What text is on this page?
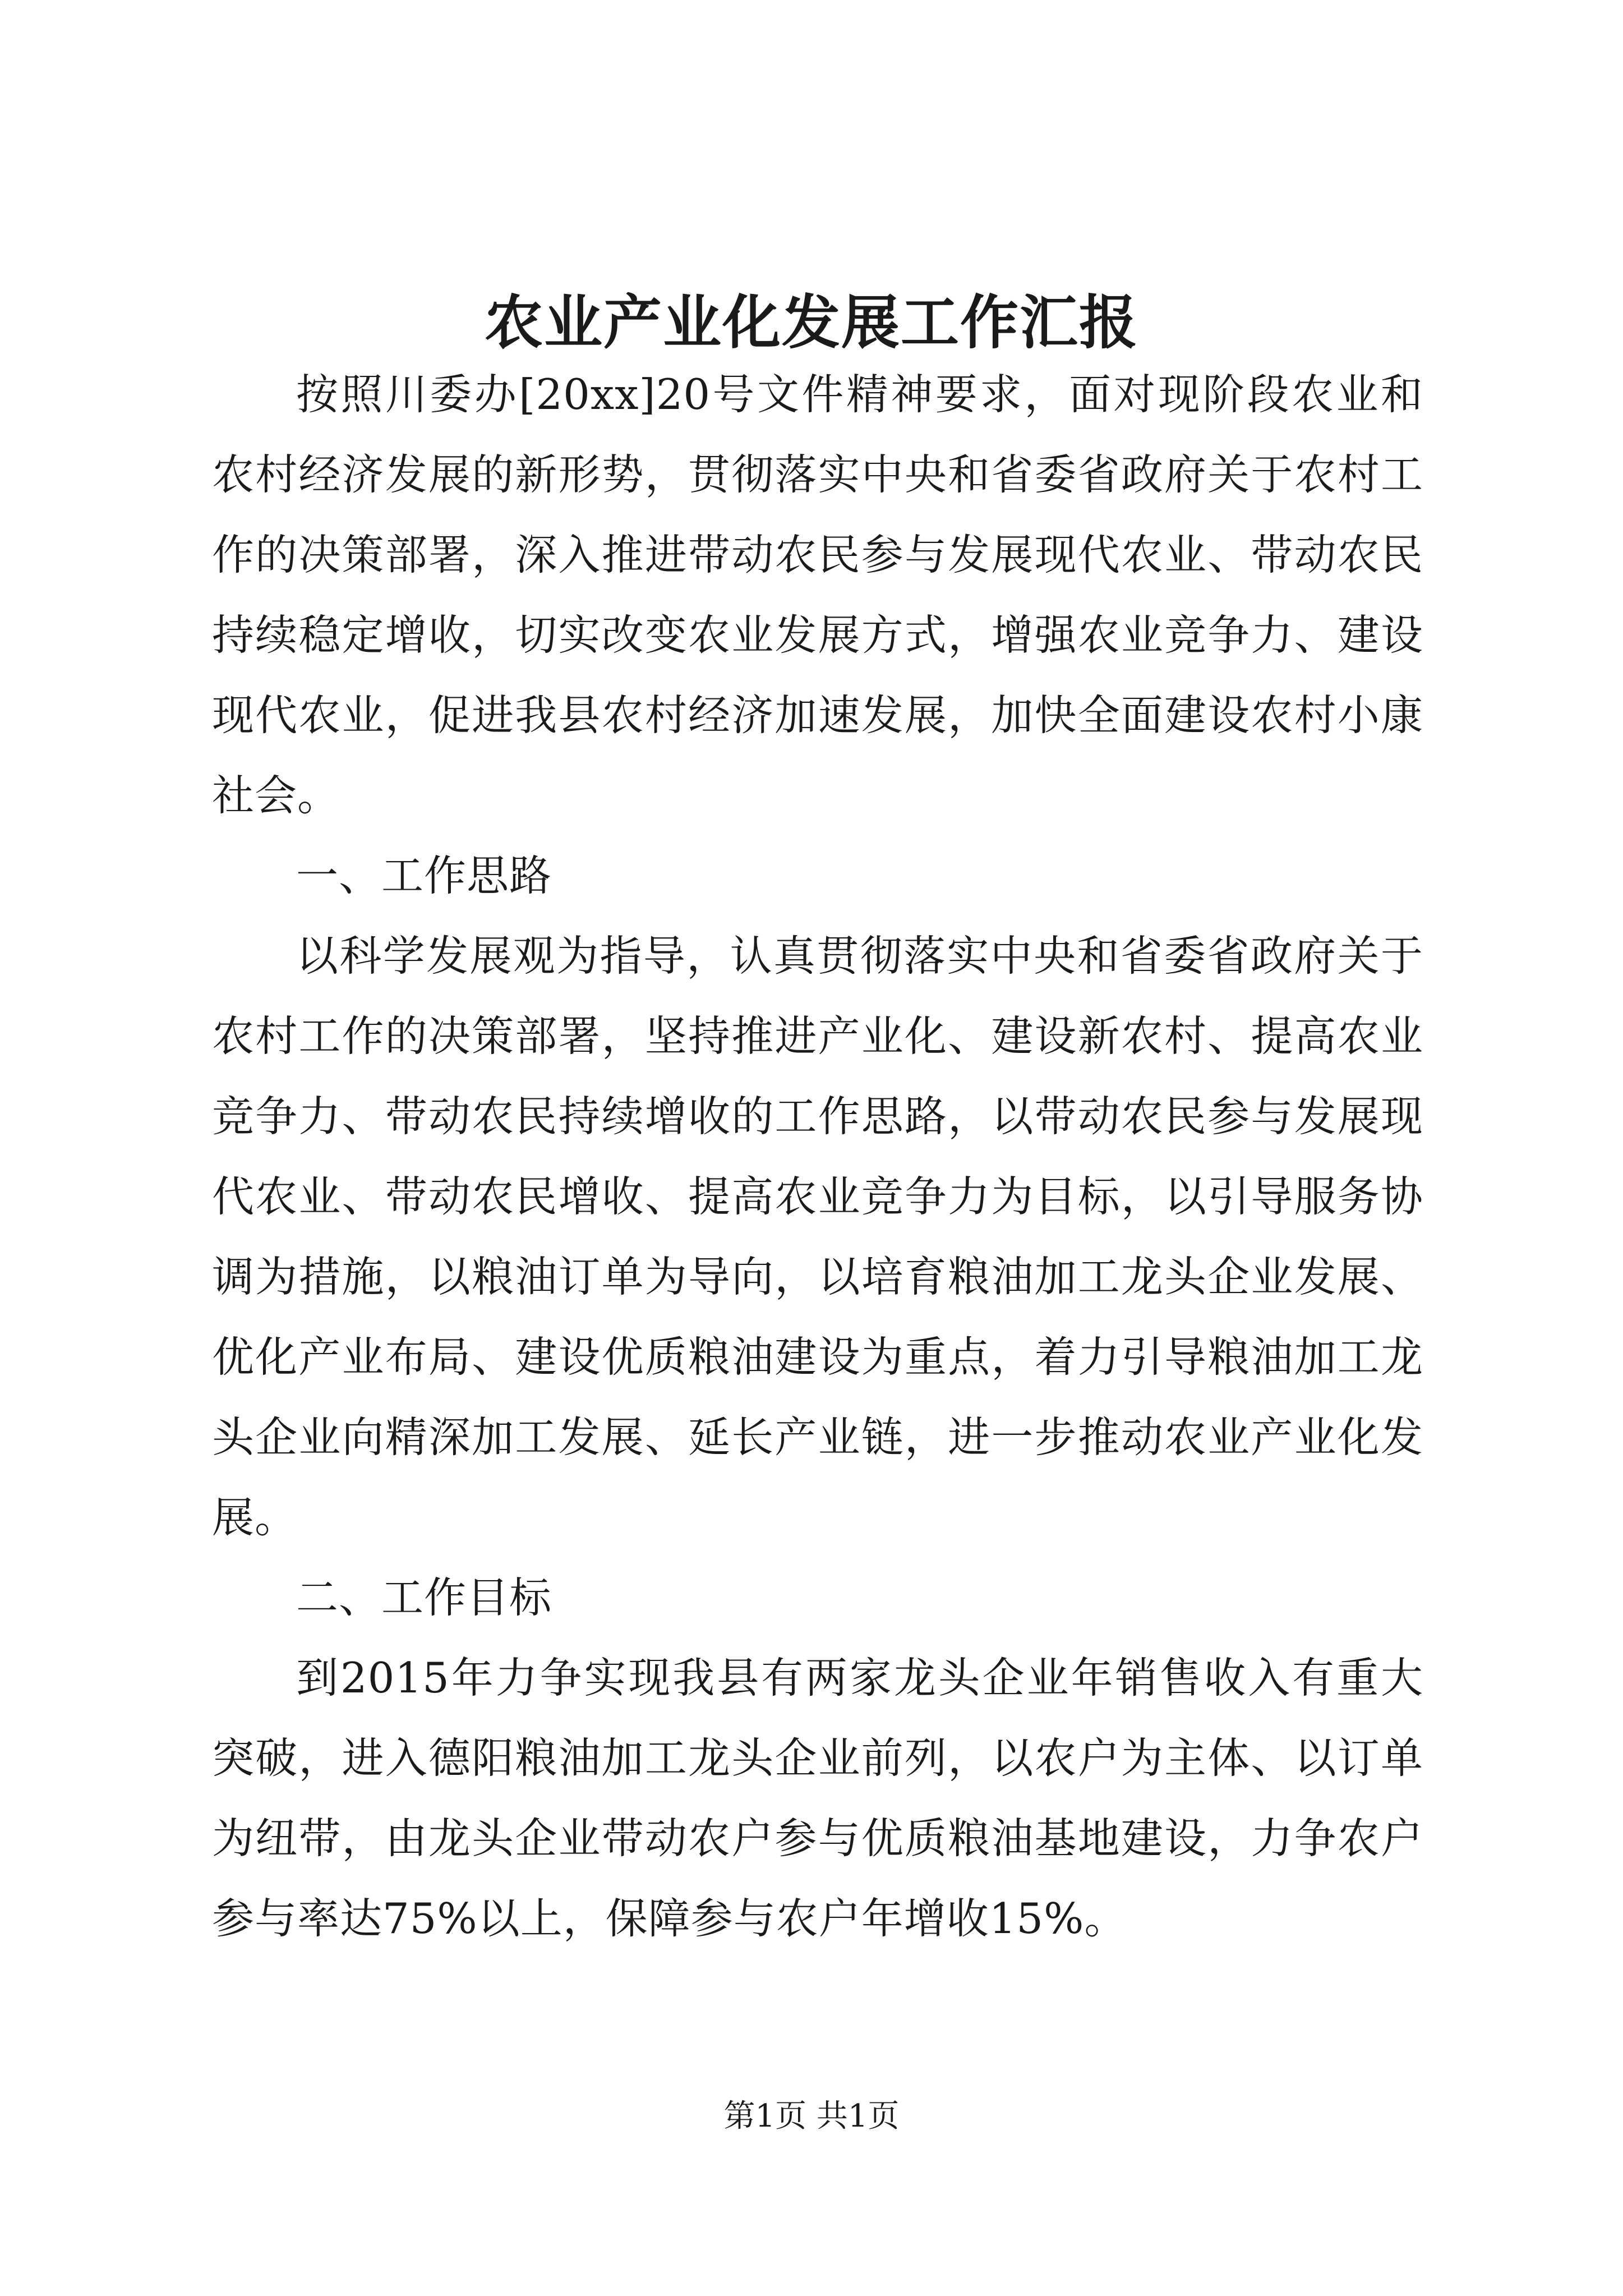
农业产业化发展工作汇报

按照川委办[20xx]20号文件精神要求，面对现阶段农业和农村经济发展的新形势，贯彻落实中央和省委省政府关于农村工作的决策部署，深入推进带动农民参与发展现代农业、带动农民持续稳定增收，切实改变农业发展方式，增强农业竞争力、建设现代农业，促进我县农村经济加速发展，加快全面建设农村小康社会。

一、工作思路

以科学发展观为指导，认真贯彻落实中央和省委省政府关于农村工作的决策部署，坚持推进产业化、建设新农村、提高农业竞争力、带动农民持续增收的工作思路，以带动农民参与发展现代农业、带动农民增收、提高农业竞争力为目标，以引导服务协调为措施，以粮油订单为导向，以培育粮油加工龙头企业发展、优化产业布局、建设优质粮油建设为重点，着力引导粮油加工龙头企业向精深加工发展、延长产业链，进一步推动农业产业化发展。

二、工作目标

到2015年力争实现我县有两家龙头企业年销售收入有重大突破，进入德阳粮油加工龙头企业前列，以农户为主体、以订单为纽带，由龙头企业带动农户参与优质粮油基地建设，力争农户参与率达75%以上，保障参与农户年增收15%。

第1页 共1页
